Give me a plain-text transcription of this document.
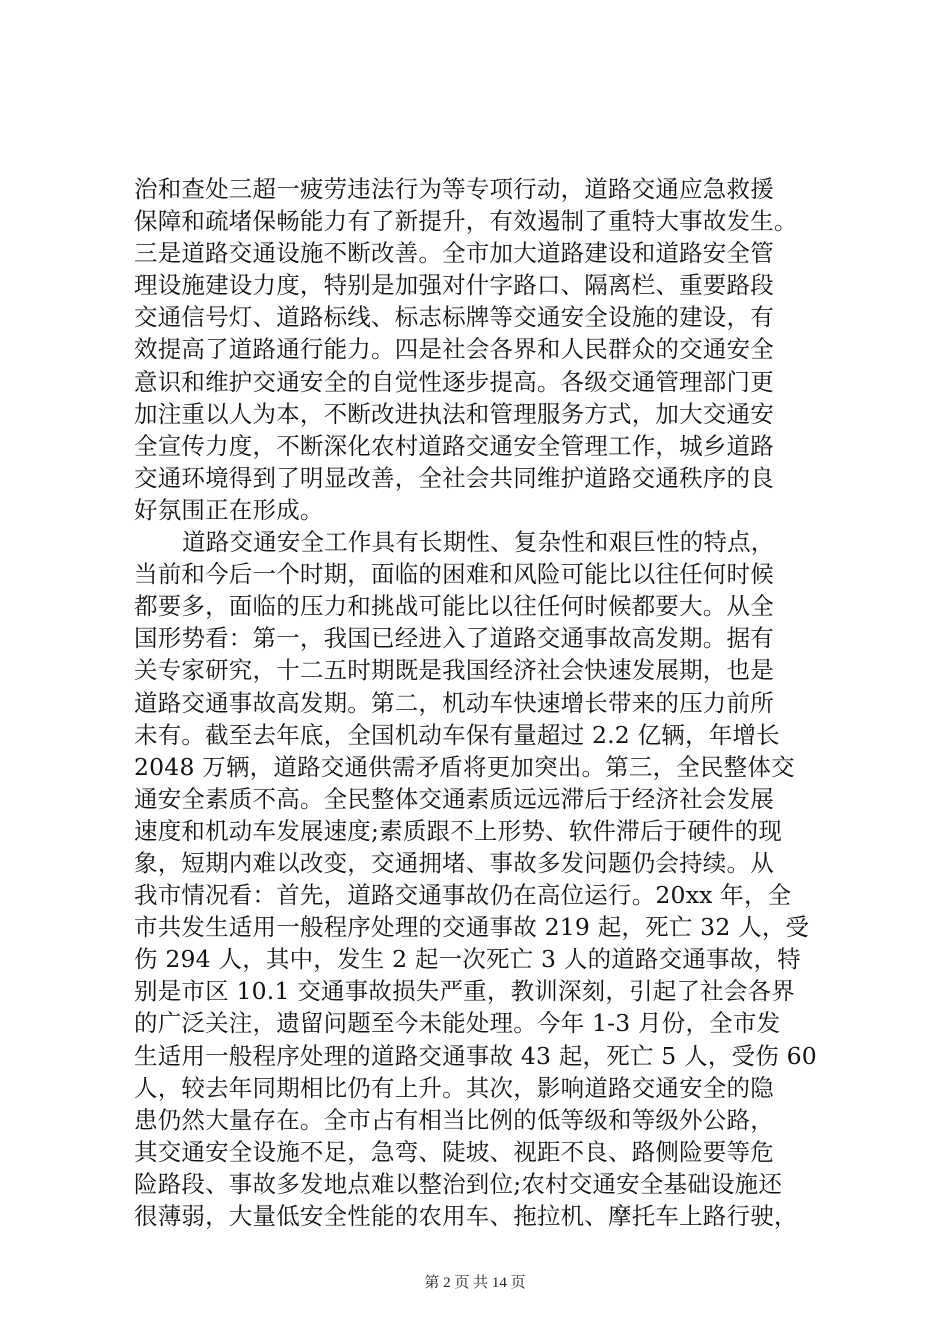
治和查处三超一疲劳违法行为等专项行动，道路交通应急救援
保障和疏堵保畅能力有了新提升，有效遏制了重特大事故发生。
三是道路交通设施不断改善。全市加大道路建设和道路安全管
理设施建设力度，特别是加强对什字路口、隔离栏、重要路段
交通信号灯、道路标线、标志标牌等交通安全设施的建设，有
效提高了道路通行能力。四是社会各界和人民群众的交通安全
意识和维护交通安全的自觉性逐步提高。各级交通管理部门更
加注重以人为本，不断改进执法和管理服务方式，加大交通安
全宣传力度，不断深化农村道路交通安全管理工作，城乡道路
交通环境得到了明显改善，全社会共同维护道路交通秩序的良
好氛围正在形成。
道路交通安全工作具有长期性、复杂性和艰巨性的特点，
当前和今后一个时期，面临的困难和风险可能比以往任何时候
都要多，面临的压力和挑战可能比以往任何时候都要大。从全
国形势看：第一，我国已经进入了道路交通事故高发期。据有
关专家研究，十二五时期既是我国经济社会快速发展期，也是
道路交通事故高发期。第二，机动车快速增长带来的压力前所
未有。截至去年底，全国机动车保有量超过 2.2 亿辆，年增长
2048 万辆，道路交通供需矛盾将更加突出。第三，全民整体交
通安全素质不高。全民整体交通素质远远滞后于经济社会发展
速度和机动车发展速度;素质跟不上形势、软件滞后于硬件的现
象，短期内难以改变，交通拥堵、事故多发问题仍会持续。从
我市情况看：首先，道路交通事故仍在高位运行。20xx 年，全
市共发生适用一般程序处理的交通事故 219 起，死亡 32 人，受
伤 294 人，其中，发生 2 起一次死亡 3 人的道路交通事故，特
别是市区 10.1 交通事故损失严重，教训深刻，引起了社会各界
的广泛关注，遗留问题至今未能处理。今年 1-3 月份，全市发
生适用一般程序处理的道路交通事故 43 起，死亡 5 人，受伤 60
人，较去年同期相比仍有上升。其次，影响道路交通安全的隐
患仍然大量存在。全市占有相当比例的低等级和等级外公路，
其交通安全设施不足，急弯、陡坡、视距不良、路侧险要等危
险路段、事故多发地点难以整治到位;农村交通安全基础设施还
很薄弱，大量低安全性能的农用车、拖拉机、摩托车上路行驶，
第 2 页 共 14 页
